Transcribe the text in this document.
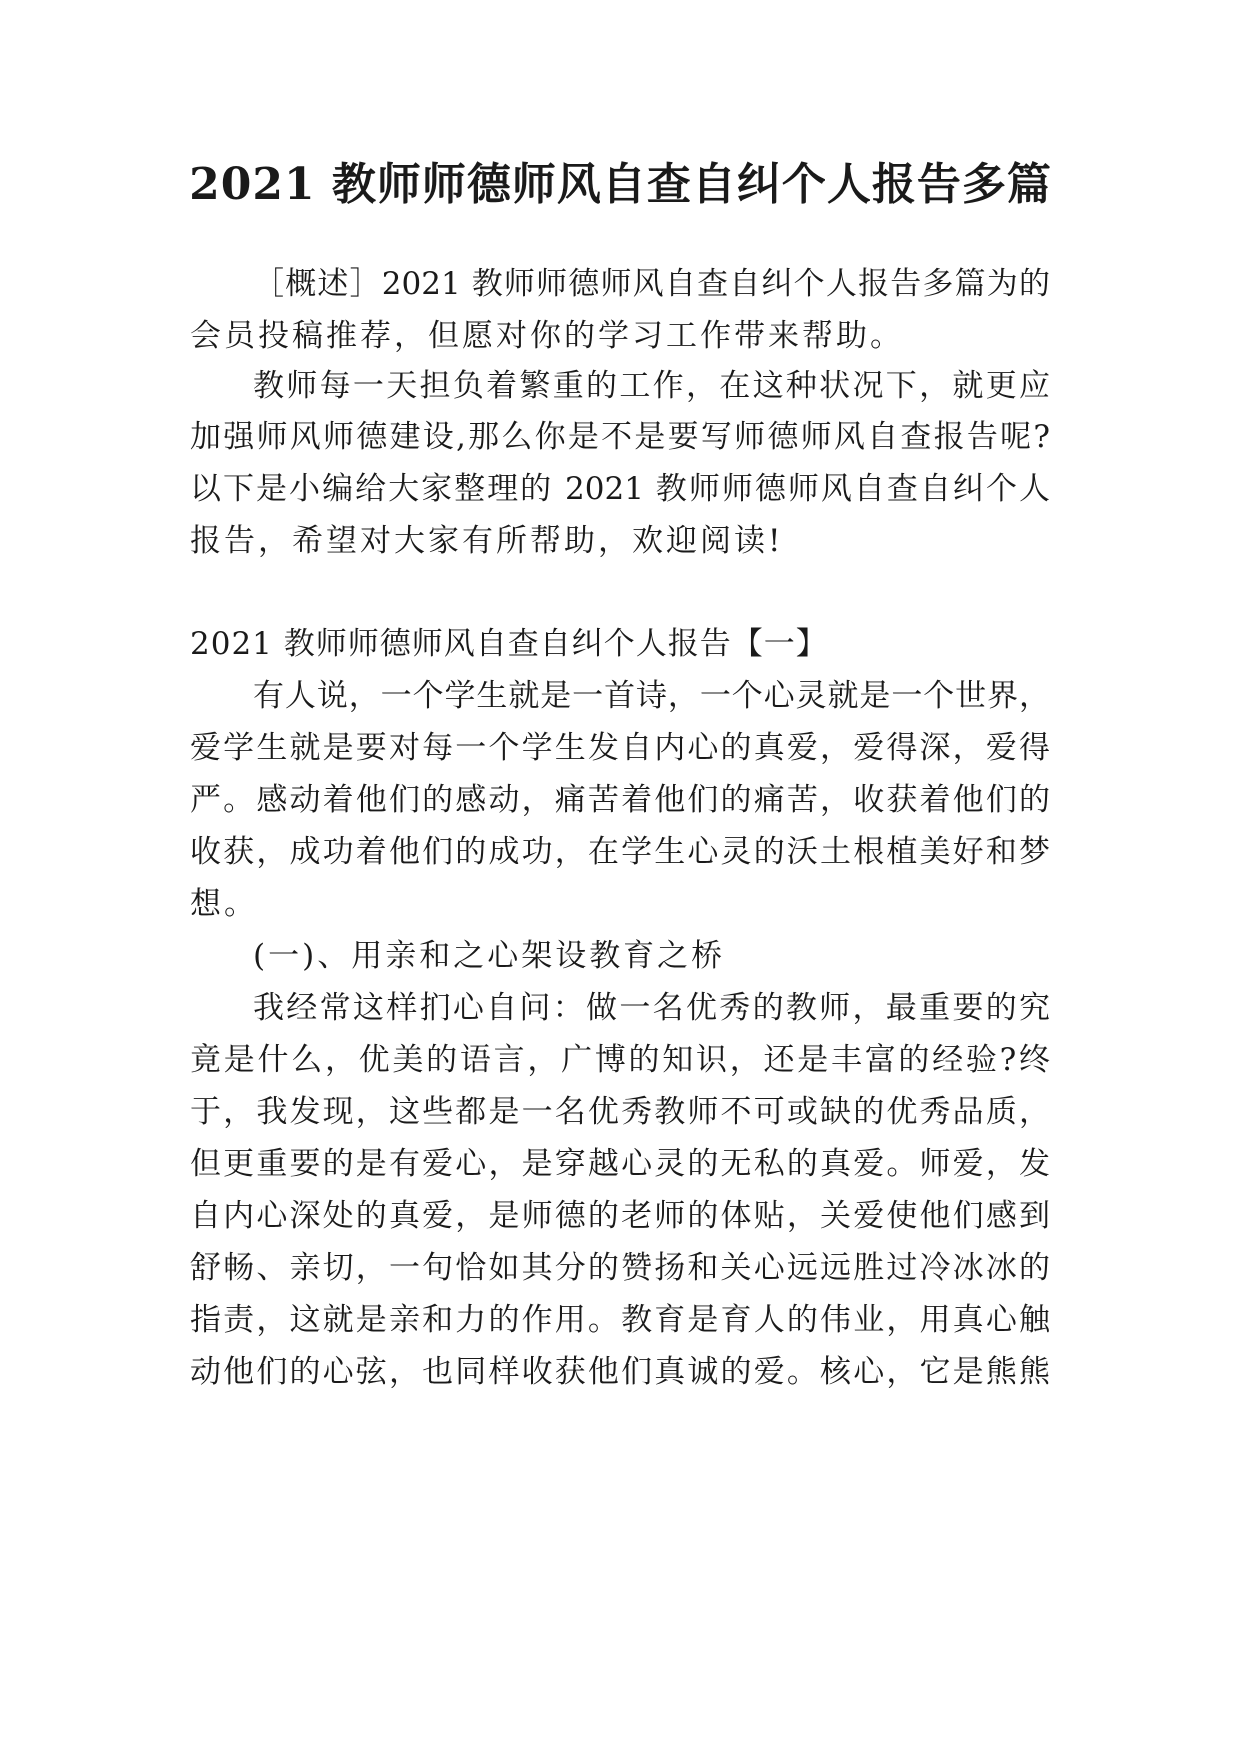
2021 教师师德师风自查自纠个人报告多篇
［概述］2021 教师师德师风自查自纠个人报告多篇为的
会员投稿推荐，但愿对你的学习工作带来帮助。
教师每一天担负着繁重的工作，在这种状况下，就更应
加强师风师德建设,那么你是不是要写师德师风自查报告呢?
以下是小编给大家整理的 2021 教师师德师风自查自纠个人
报告，希望对大家有所帮助，欢迎阅读!
2021 教师师德师风自查自纠个人报告【一】
有人说，一个学生就是一首诗，一个心灵就是一个世界，
爱学生就是要对每一个学生发自内心的真爱，爱得深，爱得
严。感动着他们的感动，痛苦着他们的痛苦，收获着他们的
收获，成功着他们的成功，在学生心灵的沃土根植美好和梦
想。
(一)、用亲和之心架设教育之桥
我经常这样扪心自问：做一名优秀的教师，最重要的究
竟是什么，优美的语言，广博的知识，还是丰富的经验?终
于，我发现，这些都是一名优秀教师不可或缺的优秀品质，
但更重要的是有爱心，是穿越心灵的无私的真爱。师爱，发
自内心深处的真爱，是师德的老师的体贴，关爱使他们感到
舒畅、亲切，一句恰如其分的赞扬和关心远远胜过冷冰冰的
指责，这就是亲和力的作用。教育是育人的伟业，用真心触
动他们的心弦，也同样收获他们真诚的爱。核心，它是熊熊
